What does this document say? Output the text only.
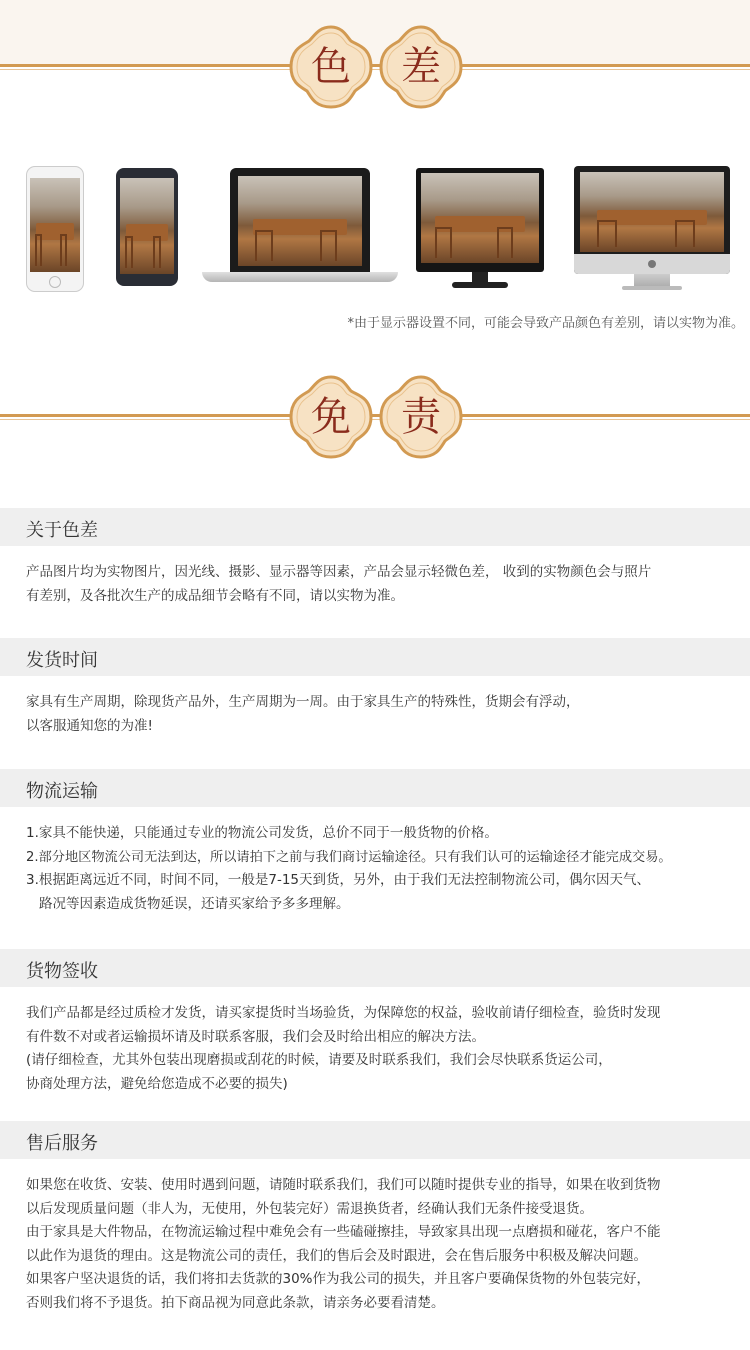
色	差
*由于显示器设置不同，可能会导致产品颜色有差别，请以实物为准。
免	责
关于色差

产品图片均为实物图片，因光线、摄影、显示器等因素，产品会显示轻微色差， 收到的实物颜色会与照片

有差别，及各批次生产的成品细节会略有不同，请以实物为准。

发货时间

家具有生产周期，除现货产品外，生产周期为一周。由于家具生产的特殊性，货期会有浮动，

以客服通知您的为准!

物流运输

1.家具不能快递，只能通过专业的物流公司发货，总价不同于一般货物的价格。

2.部分地区物流公司无法到达，所以请拍下之前与我们商讨运输途径。只有我们认可的运输途径才能完成交易。

3.根据距离远近不同，时间不同，一般是7-15天到货，另外，由于我们无法控制物流公司，偶尔因天气、

路况等因素造成货物延误，还请买家给予多多理解。

货物签收

我们产品都是经过质检才发货，请买家提货时当场验货，为保障您的权益，验收前请仔细检查，验货时发现

有件数不对或者运输损坏请及时联系客服，我们会及时给出相应的解决方法。

(请仔细检查，尤其外包装出现磨损或刮花的时候，请要及时联系我们，我们会尽快联系货运公司，

协商处理方法，避免给您造成不必要的损失)

售后服务

如果您在收货、安装、使用时遇到问题，请随时联系我们，我们可以随时提供专业的指导，如果在收到货物

以后发现质量问题（非人为，无使用，外包装完好）需退换货者，经确认我们无条件接受退货。

由于家具是大件物品，在物流运输过程中难免会有一些磕碰擦挂，导致家具出现一点磨损和碰花，客户不能

以此作为退货的理由。这是物流公司的责任，我们的售后会及时跟进，会在售后服务中积极及解决问题。

如果客户坚决退货的话，我们将扣去货款的30%作为我公司的损失，并且客户要确保货物的外包装完好，

否则我们将不予退货。拍下商品视为同意此条款，请亲务必要看清楚。
